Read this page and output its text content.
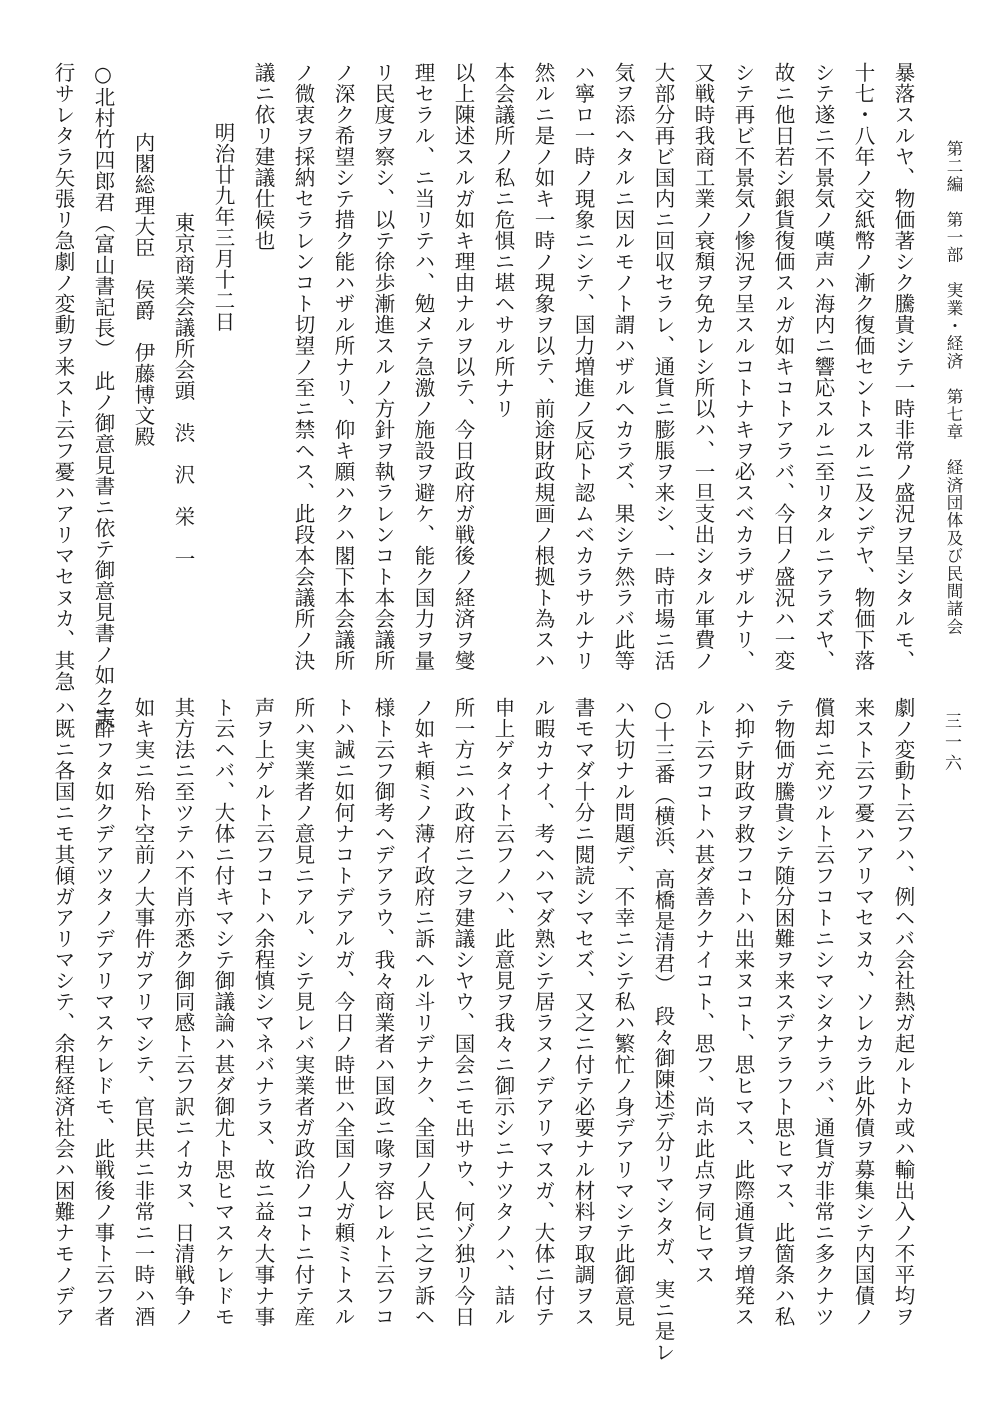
第二編　第一部　実業・経済　第七章　経済団体及び民間諸会
三一六
暴落スルヤ、物価著シク騰貴シテ一時非常ノ盛況ヲ呈シタルモ、
十七・八年ノ交紙幣ノ漸ク復価セントスルニ及ンデヤ、物価下落
シテ遂ニ不景気ノ嘆声ハ海内ニ響応スルニ至リタルニアラズヤ、
故ニ他日若シ銀貨復価スルガ如キコトアラバ、今日ノ盛況ハ一変
シテ再ビ不景気ノ惨況ヲ呈スルコトナキヲ必スベカラザルナリ、
又戦時我商工業ノ衰頽ヲ免カレシ所以ハ、一旦支出シタル軍費ノ
大部分再ビ国内ニ回収セラレ、通貨ニ膨脹ヲ来シ、一時市場ニ活
気ヲ添ヘタルニ因ルモノト謂ハザルヘカラズ、果シテ然ラバ此等
ハ寧ロ一時ノ現象ニシテ、国力増進ノ反応ト認ムベカラサルナリ
然ルニ是ノ如キ一時ノ現象ヲ以テ、前途財政規画ノ根拠ト為スハ
本会議所ノ私ニ危惧ニ堪ヘサル所ナリ
以上陳述スルガ如キ理由ナルヲ以テ、今日政府ガ戦後ノ経済ヲ燮
理セラル、ニ当リテハ、勉メテ急激ノ施設ヲ避ケ、能ク国力ヲ量
リ民度ヲ察シ、以テ徐歩漸進スルノ方針ヲ執ラレンコト本会議所
ノ深ク希望シテ措ク能ハザル所ナリ、仰キ願ハクハ閣下本会議所
ノ微衷ヲ採納セラレンコト切望ノ至ニ禁ヘス、此段本会議所ノ決
議ニ依リ建議仕候也
明治廿九年三月十二日
東京商業会議所会頭　渋　沢　栄　一
内閣総理大臣　侯爵　伊藤博文殿
○北村竹四郎君（富山書記長）　此ノ御意見書ニ依テ御意見書ノ如ク実
行サレタラ矢張リ急劇ノ変動ヲ来スト云フ憂ハアリマセヌカ、其急
劇ノ変動ト云フハ、例ヘバ会社熱ガ起ルトカ或ハ輸出入ノ不平均ヲ
来スト云フ憂ハアリマセヌカ、ソレカラ此外債ヲ募集シテ内国債ノ
償却ニ充ツルト云フコトニシマシタナラバ、通貨ガ非常ニ多クナツ
テ物価ガ騰貴シテ随分困難ヲ来スデアラフト思ヒマス、此箇条ハ私
ハ抑テ財政ヲ救フコトハ出来ヌコト、思ヒマス、此際通貨ヲ増発ス
ルト云フコトハ甚ダ善クナイコト、思フ、尚ホ此点ヲ伺ヒマス
○十三番（横浜、高橋是清君）　段々御陳述デ分リマシタガ、実ニ是レ
ハ大切ナル問題デ、不幸ニシテ私ハ繁忙ノ身デアリマシテ此御意見
書モマダ十分ニ閲読シマセズ、又之ニ付テ必要ナル材料ヲ取調ヲス
ル暇カナイ、考ヘハマダ熟シテ居ラヌノデアリマスガ、大体ニ付テ
申上ゲタイト云フノハ、此意見ヲ我々ニ御示シニナツタノハ、詰ル
所一方ニハ政府ニ之ヲ建議シヤウ、国会ニモ出サウ、何ゾ独リ今日
ノ如キ頼ミノ薄イ政府ニ訴ヘル斗リデナク、全国ノ人民ニ之ヲ訴ヘ
様ト云フ御考ヘデアラウ、我々商業者ハ国政ニ喙ヲ容レルト云フコ
トハ誠ニ如何ナコトデアルガ、今日ノ時世ハ全国ノ人ガ頼ミトスル
所ハ実業者ノ意見ニアル、シテ見レバ実業者ガ政治ノコトニ付テ産
声ヲ上ゲルト云フコトハ余程慎シマネバナラヌ、故ニ益々大事ナ事
ト云ヘバ、大体ニ付キマシテ御議論ハ甚ダ御尤ト思ヒマスケレドモ
其方法ニ至ツテハ不肖亦悉ク御同感ト云フ訳ニイカヌ、日清戦争ノ
如キ実ニ殆ト空前ノ大事件ガアリマシテ、官民共ニ非常ニ一時ハ酒
ニ酔フタ如クデアツタノデアリマスケレドモ、此戦後ノ事ト云フ者
ハ既ニ各国ニモ其傾ガアリマシテ、余程経済社会ハ困難ナモノデア
